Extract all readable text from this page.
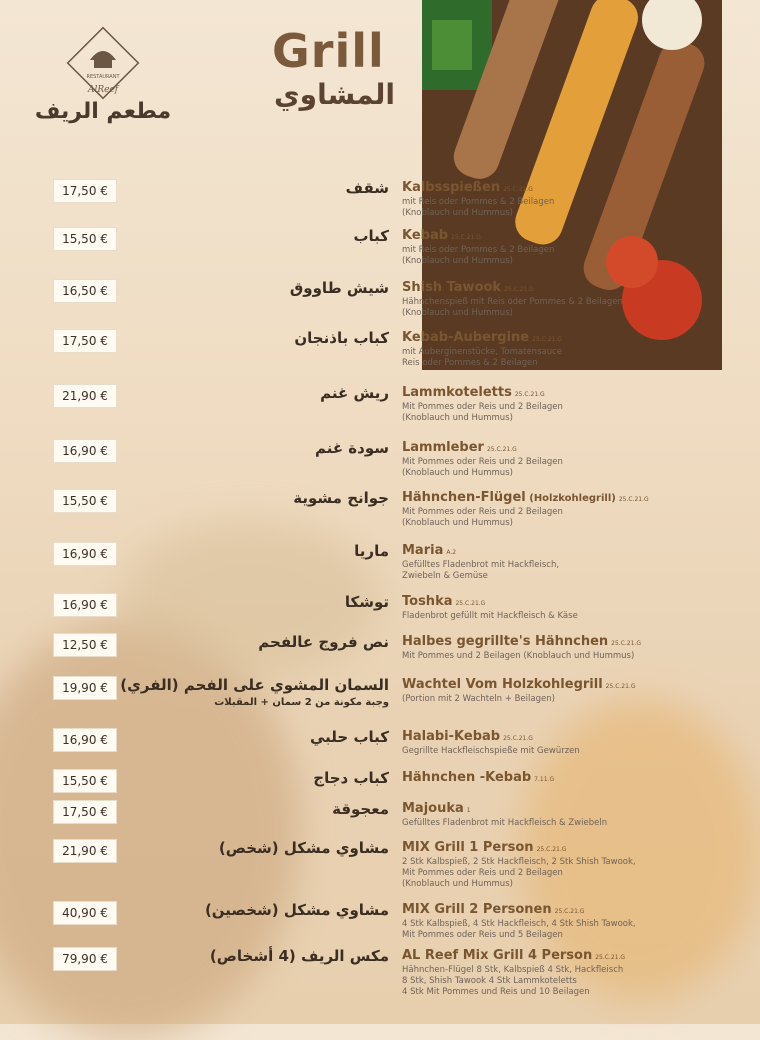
RESTAURANT
AlReef
مطعم الريف
Grill
المشاوي
17,50 €	شقف Kalbsspießen 25.C.21.G
mit Reis oder Pommes & 2 Beilagen
(Knoblauch und Hummus)
15,50 €	كباب Kebab 25.C.21.G
mit Reis oder Pommes & 2 Beilagen
(Knoblauch und Hummus)
16,50 €	شيش طاووق Shish Tawook 25.C.21.G
Hähnchenspieß mit Reis oder Pommes & 2 Beilagen
(Knoblauch und Hummus)
17,50 €	كباب باذنجان Kebab-Aubergine 25.C.21.G
mit Auberginenstücke, Tomatensauce
Reis oder Pommes & 2 Beilagen
21,90 €	ريش غنم Lammkoteletts 25.C.21.G
Mit Pommes oder Reis und 2 Beilagen
(Knoblauch und Hummus)
16,90 €	سودة غنم Lammleber 25.C.21.G
Mit Pommes oder Reis und 2 Beilagen
(Knoblauch und Hummus)
15,50 €	جوانح مشوية Hähnchen-Flügel (Holzkohlegrill) 25.C.21.G
Mit Pommes oder Reis und 2 Beilagen
(Knoblauch und Hummus)
16,90 €	ماريا Maria A.2
Gefülltes Fladenbrot mit Hackfleisch,
Zwiebeln & Gemüse
16,90 €	توشكا Toshka 25.C.21.G
Fladenbrot gefüllt mit Hackfleisch & Käse
12,50 €	نص فروج عالفحم Halbes gegrillte's Hähnchen 25.C.21.G
Mit Pommes und 2 Beilagen (Knoblauch und Hummus)
19,90 € السمان المشوي على الفحم (الفري)
وجبة مكونة من 2 سمان + المقبلات
Wachtel Vom Holzkohlegrill 25.C.21.G
(Portion mit 2 Wachteln + Beilagen)
16,90 €	كباب حلبي Halabi-Kebab 25.C.21.G
Gegrillte Hackfleischspieße mit Gewürzen
15,50 €	كباب دجاج Hähnchen -Kebab 7.11.G
17,50 €	معجوقة Majouka 1
Gefülltes Fladenbrot mit Hackfleisch & Zwiebeln
21,90 €	مشاوي مشكل (شخص) MIX Grill 1 Person 25.C.21.G
2 Stk Kalbspieß, 2 Stk Hackfleisch, 2 Stk Shish Tawook,
Mit Pommes oder Reis und 2 Beilagen
(Knoblauch und Hummus)
40,90 €	مشاوي مشكل (شخصين) MIX Grill 2 Personen 25.C.21.G
4 Stk Kalbspieß, 4 Stk Hackfleisch, 4 Stk Shish Tawook,
Mit Pommes oder Reis und 5 Beilagen
79,90 €	مكس الريف (4 أشخاص) AL Reef Mix Grill 4 Person 25.C.21.G
Hähnchen-Flügel 8 Stk, Kalbspieß 4 Stk, Hackfleisch
8 Stk, Shish Tawook 4 Stk Lammkoteletts
4 Stk Mit Pommes und Reis und 10 Beilagen
